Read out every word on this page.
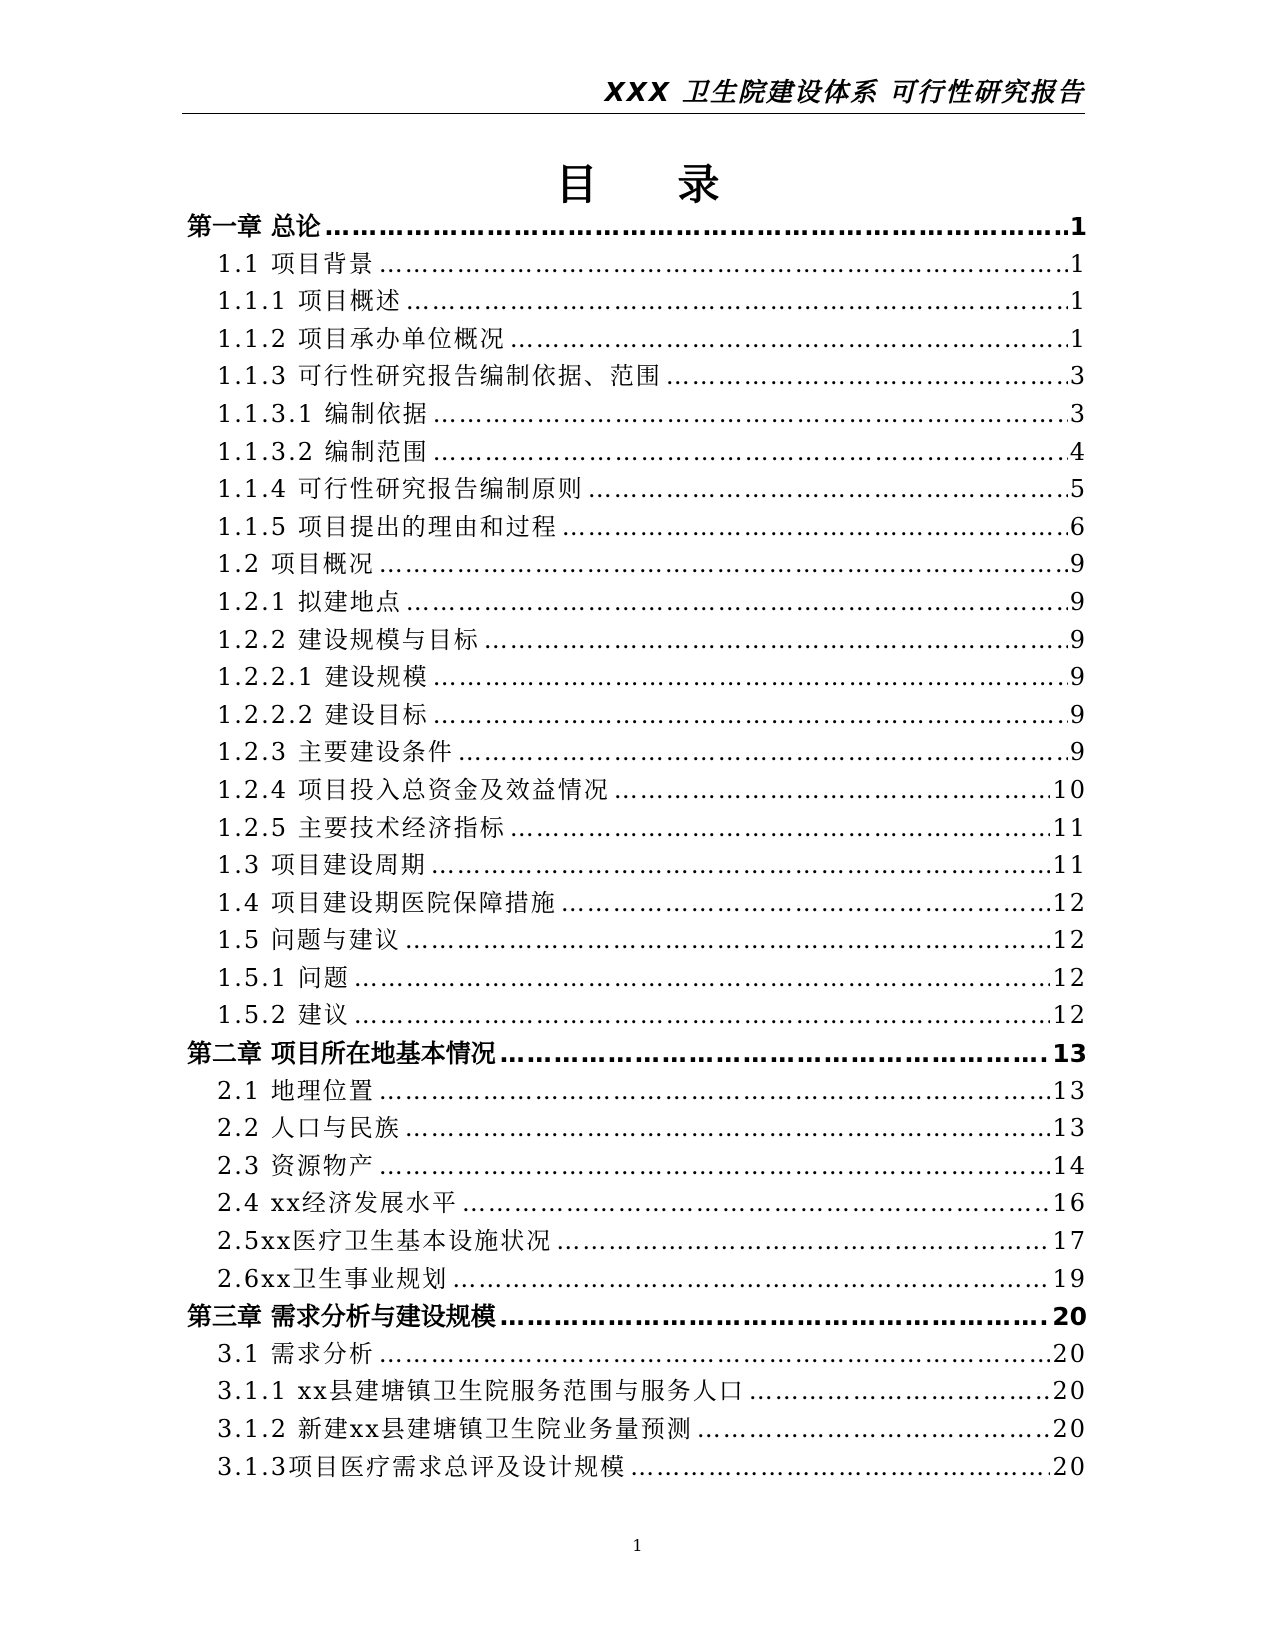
XXX 卫生院建设体系 可行性研究报告
目录
第一章 总论 ……………………………………………………………………………………………………………………………………………………	1
1.1 项目背景 ……………………………………………………………………………………………………………………………………………………	1
1.1.1 项目概述 ……………………………………………………………………………………………………………………………………………………	1
1.1.2 项目承办单位概况 ……………………………………………………………………………………………………………………………………………………	1
1.1.3 可行性研究报告编制依据、范围 ……………………………………………………………………………………………………………………………………………………	3
1.1.3.1 编制依据 ……………………………………………………………………………………………………………………………………………………	3
1.1.3.2 编制范围 ……………………………………………………………………………………………………………………………………………………	4
1.1.4 可行性研究报告编制原则 ……………………………………………………………………………………………………………………………………………………	5
1.1.5 项目提出的理由和过程 ……………………………………………………………………………………………………………………………………………………	6
1.2 项目概况 ……………………………………………………………………………………………………………………………………………………	9
1.2.1 拟建地点 ……………………………………………………………………………………………………………………………………………………	9
1.2.2 建设规模与目标 ……………………………………………………………………………………………………………………………………………………	9
1.2.2.1 建设规模 ……………………………………………………………………………………………………………………………………………………	9
1.2.2.2 建设目标 ……………………………………………………………………………………………………………………………………………………	9
1.2.3 主要建设条件 ……………………………………………………………………………………………………………………………………………………	9
1.2.4 项目投入总资金及效益情况 ……………………………………………………………………………………………………………………………………………………	10
1.2.5 主要技术经济指标 ……………………………………………………………………………………………………………………………………………………	11
1.3 项目建设周期 ……………………………………………………………………………………………………………………………………………………	11
1.4 项目建设期医院保障措施 ……………………………………………………………………………………………………………………………………………………	12
1.5 问题与建议 ……………………………………………………………………………………………………………………………………………………	12
1.5.1 问题 ……………………………………………………………………………………………………………………………………………………	12
1.5.2 建议 ……………………………………………………………………………………………………………………………………………………	12
第二章 项目所在地基本情况 ……………………………………………………………………………………………………………………………………………………	13
2.1 地理位置 ……………………………………………………………………………………………………………………………………………………	13
2.2 人口与民族 ……………………………………………………………………………………………………………………………………………………	13
2.3 资源物产 ……………………………………………………………………………………………………………………………………………………	14
2.4 xx经济发展水平 ……………………………………………………………………………………………………………………………………………………	16
2.5xx医疗卫生基本设施状况 ……………………………………………………………………………………………………………………………………………………	17
2.6xx卫生事业规划 ……………………………………………………………………………………………………………………………………………………	19
第三章 需求分析与建设规模 ……………………………………………………………………………………………………………………………………………………	20
3.1 需求分析 ……………………………………………………………………………………………………………………………………………………	20
3.1.1 xx县建塘镇卫生院服务范围与服务人口 ……………………………………………………………………………………………………………………………………………………	20
3.1.2 新建xx县建塘镇卫生院业务量预测 ……………………………………………………………………………………………………………………………………………………	20
3.1.3项目医疗需求总评及设计规模 ……………………………………………………………………………………………………………………………………………………	20
1
